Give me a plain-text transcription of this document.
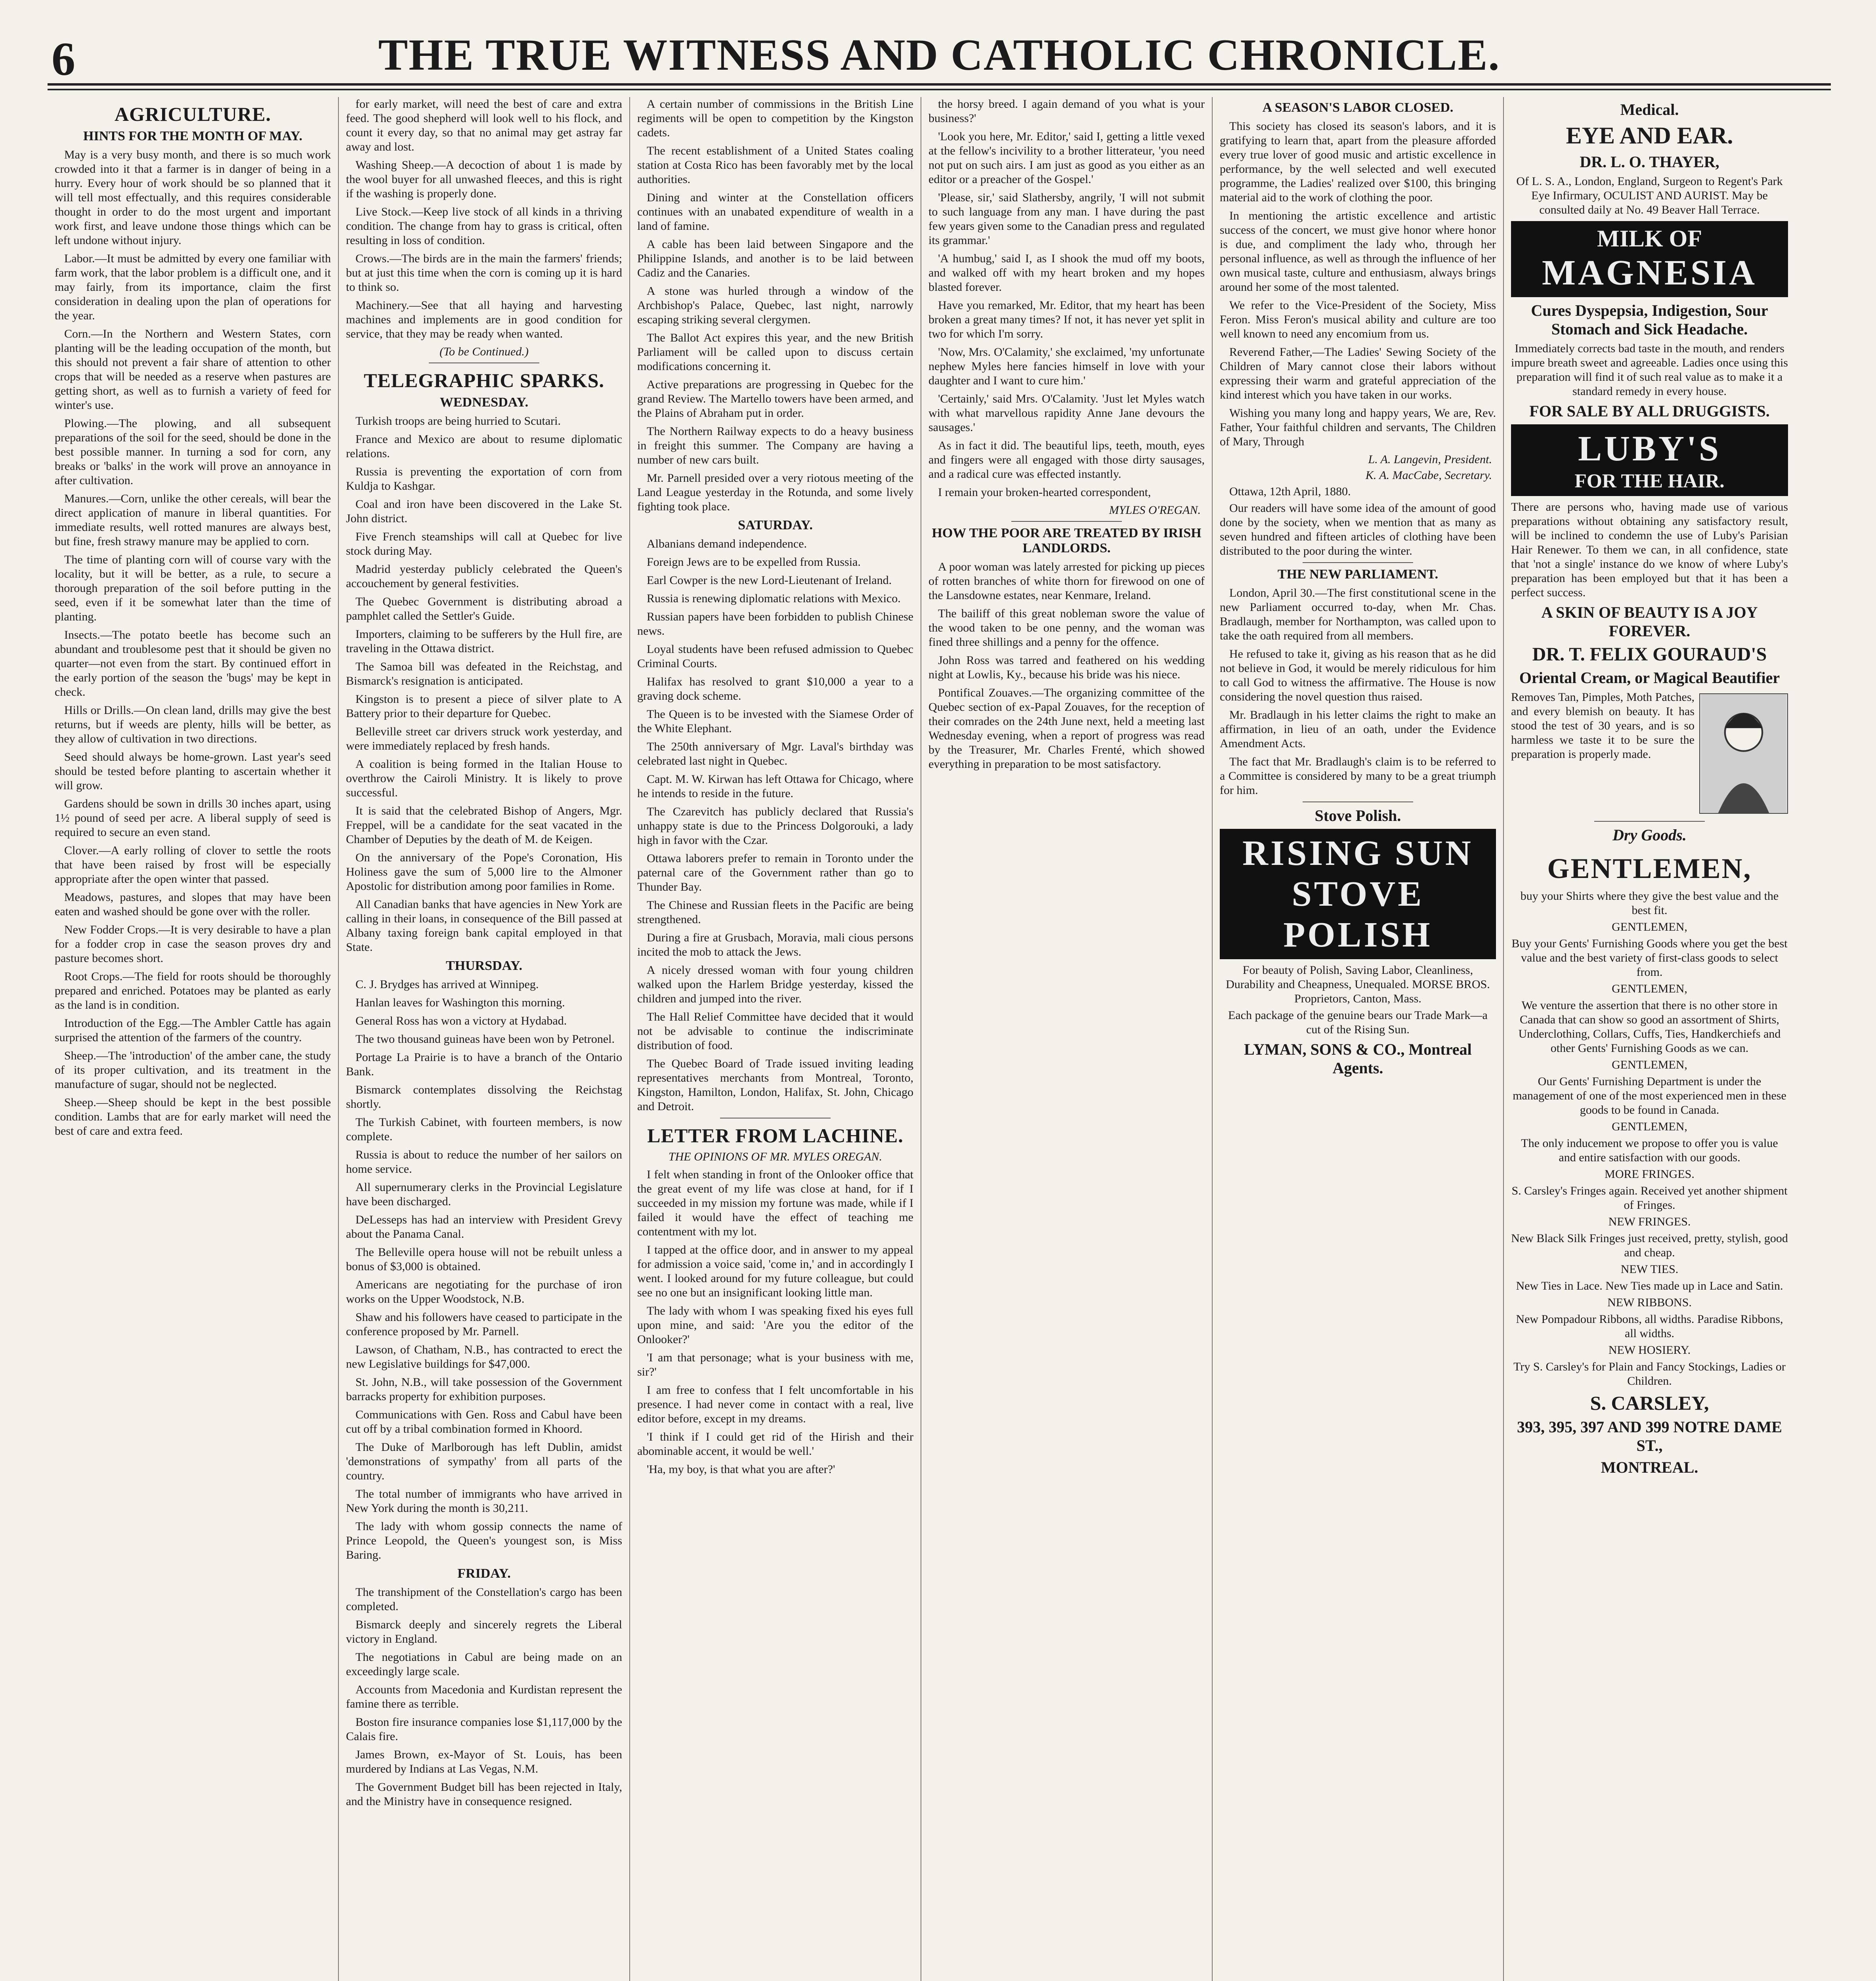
6	THE TRUE WITNESS AND CATHOLIC CHRONICLE.
AGRICULTURE.
HINTS FOR THE MONTH OF MAY.

May is a very busy month, and there is so much work crowded into it that a farmer is in danger of being in a hurry. Every hour of work should be so planned that it will tell most effectually, and this requires considerable thought in order to do the most urgent and important work first, and leave undone those things which can be left undone without injury.

Labor.—It must be admitted by every one familiar with farm work, that the labor problem is a difficult one, and it may fairly, from its importance, claim the first consideration in dealing upon the plan of operations for the year.

Corn.—In the Northern and Western States, corn planting will be the leading occupation of the month, but this should not prevent a fair share of attention to other crops that will be needed as a reserve when pastures are getting short, as well as to furnish a variety of feed for winter's use.

Plowing.—The plowing, and all subsequent preparations of the soil for the seed, should be done in the best possible manner. In turning a sod for corn, any breaks or 'balks' in the work will prove an annoyance in after cultivation.

Manures.—Corn, unlike the other cereals, will bear the direct application of manure in liberal quantities. For immediate results, well rotted manures are always best, but fine, fresh strawy manure may be applied to corn.

The time of planting corn will of course vary with the locality, but it will be better, as a rule, to secure a thorough preparation of the soil before putting in the seed, even if it be somewhat later than the time of planting.

Insects.—The potato beetle has become such an abundant and troublesome pest that it should be given no quarter—not even from the start. By continued effort in the early portion of the season the 'bugs' may be kept in check.

Hills or Drills.—On clean land, drills may give the best returns, but if weeds are plenty, hills will be better, as they allow of cultivation in two directions.

Seed should always be home-grown. Last year's seed should be tested before planting to ascertain whether it will grow.

Gardens should be sown in drills 30 inches apart, using 1½ pound of seed per acre. A liberal supply of seed is required to secure an even stand.

Clover.—A early rolling of clover to settle the roots that have been raised by frost will be especially appropriate after the open winter that passed.

Meadows, pastures, and slopes that may have been eaten and washed should be gone over with the roller.

New Fodder Crops.—It is very desirable to have a plan for a fodder crop in case the season proves dry and pasture becomes short.

Root Crops.—The field for roots should be thoroughly prepared and enriched. Potatoes may be planted as early as the land is in condition.

Introduction of the Egg.—The Ambler Cattle has again surprised the attention of the farmers of the country.

Sheep.—The 'introduction' of the amber cane, the study of its proper cultivation, and its treatment in the manufacture of sugar, should not be neglected.

Sheep.—Sheep should be kept in the best possible condition. Lambs that are for early market will need the best of care and extra feed.

for early market, will need the best of care and extra feed. The good shepherd will look well to his flock, and count it every day, so that no animal may get astray far away and lost.

Washing Sheep.—A decoction of about 1 is made by the wool buyer for all unwashed fleeces, and this is right if the washing is properly done.

Live Stock.—Keep live stock of all kinds in a thriving condition. The change from hay to grass is critical, often resulting in loss of condition.

Crows.—The birds are in the main the farmers' friends; but at just this time when the corn is coming up it is hard to think so.

Machinery.—See that all haying and harvesting machines and implements are in good condition for service, that they may be ready when wanted.

(To be Continued.)
TELEGRAPHIC SPARKS.
WEDNESDAY.

Turkish troops are being hurried to Scutari.

France and Mexico are about to resume diplomatic relations.

Russia is preventing the exportation of corn from Kuldja to Kashgar.

Coal and iron have been discovered in the Lake St. John district.

Five French steamships will call at Quebec for live stock during May.

Madrid yesterday publicly celebrated the Queen's accouchement by general festivities.

The Quebec Government is distributing abroad a pamphlet called the Settler's Guide.

Importers, claiming to be sufferers by the Hull fire, are traveling in the Ottawa district.

The Samoa bill was defeated in the Reichstag, and Bismarck's resignation is anticipated.

Kingston is to present a piece of silver plate to A Battery prior to their departure for Quebec.

Belleville street car drivers struck work yesterday, and were immediately replaced by fresh hands.

A coalition is being formed in the Italian House to overthrow the Cairoli Ministry. It is likely to prove successful.

It is said that the celebrated Bishop of Angers, Mgr. Freppel, will be a candidate for the seat vacated in the Chamber of Deputies by the death of M. de Keigen.

On the anniversary of the Pope's Coronation, His Holiness gave the sum of 5,000 lire to the Almoner Apostolic for distribution among poor families in Rome.

All Canadian banks that have agencies in New York are calling in their loans, in consequence of the Bill passed at Albany taxing foreign bank capital employed in that State.

THURSDAY.

C. J. Brydges has arrived at Winnipeg.

Hanlan leaves for Washington this morning.

General Ross has won a victory at Hydabad.

The two thousand guineas have been won by Petronel.

Portage La Prairie is to have a branch of the Ontario Bank.

Bismarck contemplates dissolving the Reichstag shortly.

The Turkish Cabinet, with fourteen members, is now complete.

Russia is about to reduce the number of her sailors on home service.

All supernumerary clerks in the Provincial Legislature have been discharged.

DeLesseps has had an interview with President Grevy about the Panama Canal.

The Belleville opera house will not be rebuilt unless a bonus of $3,000 is obtained.

Americans are negotiating for the purchase of iron works on the Upper Woodstock, N.B.

Shaw and his followers have ceased to participate in the conference proposed by Mr. Parnell.

Lawson, of Chatham, N.B., has contracted to erect the new Legislative buildings for $47,000.

St. John, N.B., will take possession of the Government barracks property for exhibition purposes.

Communications with Gen. Ross and Cabul have been cut off by a tribal combination formed in Khoord.

The Duke of Marlborough has left Dublin, amidst 'demonstrations of sympathy' from all parts of the country.

The total number of immigrants who have arrived in New York during the month is 30,211.

The lady with whom gossip connects the name of Prince Leopold, the Queen's youngest son, is Miss Baring.

FRIDAY.

The transhipment of the Constellation's cargo has been completed.

Bismarck deeply and sincerely regrets the Liberal victory in England.

The negotiations in Cabul are being made on an exceedingly large scale.

Accounts from Macedonia and Kurdistan represent the famine there as terrible.

Boston fire insurance companies lose $1,117,000 by the Calais fire.

James Brown, ex-Mayor of St. Louis, has been murdered by Indians at Las Vegas, N.M.

The Government Budget bill has been rejected in Italy, and the Ministry have in consequence resigned.

A certain number of commissions in the British Line regiments will be open to competition by the Kingston cadets.

The recent establishment of a United States coaling station at Costa Rico has been favorably met by the local authorities.

Dining and winter at the Constellation officers continues with an unabated expenditure of wealth in a land of famine.

A cable has been laid between Singapore and the Philippine Islands, and another is to be laid between Cadiz and the Canaries.

A stone was hurled through a window of the Archbishop's Palace, Quebec, last night, narrowly escaping striking several clergymen.

The Ballot Act expires this year, and the new British Parliament will be called upon to discuss certain modifications concerning it.

Active preparations are progressing in Quebec for the grand Review. The Martello towers have been armed, and the Plains of Abraham put in order.

The Northern Railway expects to do a heavy business in freight this summer. The Company are having a number of new cars built.

Mr. Parnell presided over a very riotous meeting of the Land League yesterday in the Rotunda, and some lively fighting took place.

SATURDAY.

Albanians demand independence.

Foreign Jews are to be expelled from Russia.

Earl Cowper is the new Lord-Lieutenant of Ireland.

Russia is renewing diplomatic relations with Mexico.

Russian papers have been forbidden to publish Chinese news.

Loyal students have been refused admission to Quebec Criminal Courts.

Halifax has resolved to grant $10,000 a year to a graving dock scheme.

The Queen is to be invested with the Siamese Order of the White Elephant.

The 250th anniversary of Mgr. Laval's birthday was celebrated last night in Quebec.

Capt. M. W. Kirwan has left Ottawa for Chicago, where he intends to reside in the future.

The Czarevitch has publicly declared that Russia's unhappy state is due to the Princess Dolgorouki, a lady high in favor with the Czar.

Ottawa laborers prefer to remain in Toronto under the paternal care of the Government rather than go to Thunder Bay.

The Chinese and Russian fleets in the Pacific are being strengthened.

During a fire at Grusbach, Moravia, mali cious persons incited the mob to attack the Jews.

A nicely dressed woman with four young children walked upon the Harlem Bridge yesterday, kissed the children and jumped into the river.

The Hall Relief Committee have decided that it would not be advisable to continue the indiscriminate distribution of food.

The Quebec Board of Trade issued inviting leading representatives merchants from Montreal, Toronto, Kingston, Hamilton, London, Halifax, St. John, Chicago and Detroit.

LETTER FROM LACHINE.
THE OPINIONS OF MR. MYLES OREGAN.

I felt when standing in front of the Onlooker office that the great event of my life was close at hand, for if I succeeded in my mission my fortune was made, while if I failed it would have the effect of teaching me contentment with my lot.

I tapped at the office door, and in answer to my appeal for admission a voice said, 'come in,' and in accordingly I went. I looked around for my future colleague, but could see no one but an insignificant looking little man.

The lady with whom I was speaking fixed his eyes full upon mine, and said: 'Are you the editor of the Onlooker?'

'I am that personage; what is your business with me, sir?'

I am free to confess that I felt uncomfortable in his presence. I had never come in contact with a real, live editor before, except in my dreams.

'I think if I could get rid of the Hirish and their abominable accent, it would be well.'

'Ha, my boy, is that what you are after?'

the horsy breed. I again demand of you what is your business?'

'Look you here, Mr. Editor,' said I, getting a little vexed at the fellow's incivility to a brother litterateur, 'you need not put on such airs. I am just as good as you either as an editor or a preacher of the Gospel.'

'Please, sir,' said Slathersby, angrily, 'I will not submit to such language from any man. I have during the past few years given some to the Canadian press and regulated its grammar.'

'A humbug,' said I, as I shook the mud off my boots, and walked off with my heart broken and my hopes blasted forever.

Have you remarked, Mr. Editor, that my heart has been broken a great many times? If not, it has never yet split in two for which I'm sorry.

'Now, Mrs. O'Calamity,' she exclaimed, 'my unfortunate nephew Myles here fancies himself in love with your daughter and I want to cure him.'

'Certainly,' said Mrs. O'Calamity. 'Just let Myles watch with what marvellous rapidity Anne Jane devours the sausages.'

As in fact it did. The beautiful lips, teeth, mouth, eyes and fingers were all engaged with those dirty sausages, and a radical cure was effected instantly.

I remain your broken-hearted correspondent,

MYLES O'REGAN.
HOW THE POOR ARE TREATED BY IRISH LANDLORDS.

A poor woman was lately arrested for picking up pieces of rotten branches of white thorn for firewood on one of the Lansdowne estates, near Kenmare, Ireland.

The bailiff of this great nobleman swore the value of the wood taken to be one penny, and the woman was fined three shillings and a penny for the offence.

John Ross was tarred and feathered on his wedding night at Lowlis, Ky., because his bride was his niece.

Pontifical Zouaves.—The organizing committee of the Quebec section of ex-Papal Zouaves, for the reception of their comrades on the 24th June next, held a meeting last Wednesday evening, when a report of progress was read by the Treasurer, Mr. Charles Frenté, which showed everything in preparation to be most satisfactory.

A SEASON'S LABOR CLOSED.

This society has closed its season's labors, and it is gratifying to learn that, apart from the pleasure afforded every true lover of good music and artistic excellence in performance, by the well selected and well executed programme, the Ladies' realized over $100, this bringing material aid to the work of clothing the poor.

In mentioning the artistic excellence and artistic success of the concert, we must give honor where honor is due, and compliment the lady who, through her personal influence, as well as through the influence of her own musical taste, culture and enthusiasm, always brings around her some of the most talented.

We refer to the Vice-President of the Society, Miss Feron. Miss Feron's musical ability and culture are too well known to need any encomium from us.

Reverend Father,—The Ladies' Sewing Society of the Children of Mary cannot close their labors without expressing their warm and grateful appreciation of the kind interest which you have taken in our works.

Wishing you many long and happy years, We are, Rev. Father, Your faithful children and servants, The Children of Mary, Through

L. A. Langevin, President.
K. A. MacCabe, Secretary.

Ottawa, 12th April, 1880.

Our readers will have some idea of the amount of good done by the society, when we mention that as many as seven hundred and fifteen articles of clothing have been distributed to the poor during the winter.

THE NEW PARLIAMENT.

London, April 30.—The first constitutional scene in the new Parliament occurred to-day, when Mr. Chas. Bradlaugh, member for Northampton, was called upon to take the oath required from all members.

He refused to take it, giving as his reason that as he did not believe in God, it would be merely ridiculous for him to call God to witness the affirmative. The House is now considering the novel question thus raised.

Mr. Bradlaugh in his letter claims the right to make an affirmation, in lieu of an oath, under the Evidence Amendment Acts.

The fact that Mr. Bradlaugh's claim is to be referred to a Committee is considered by many to be a great triumph for him.

Stove Polish.
RISING SUN
STOVE POLISH
For beauty of Polish, Saving Labor, Cleanliness, Durability and Cheapness, Unequaled. MORSE BROS. Proprietors, Canton, Mass.
Each package of the genuine bears our Trade Mark—a cut of the Rising Sun.
LYMAN, SONS & CO., Montreal Agents.
Medical.
EYE AND EAR.
DR. L. O. THAYER,
Of L. S. A., London, England, Surgeon to Regent's Park Eye Infirmary, OCULIST AND AURIST. May be consulted daily at No. 49 Beaver Hall Terrace.
MILK OF
MAGNESIA
Cures Dyspepsia, Indigestion, Sour Stomach and Sick Headache.
Immediately corrects bad taste in the mouth, and renders impure breath sweet and agreeable. Ladies once using this preparation will find it of such real value as to make it a standard remedy in every house.
FOR SALE BY ALL DRUGGISTS.
LUBY'S
FOR THE HAIR.
There are persons who, having made use of various preparations without obtaining any satisfactory result, will be inclined to condemn the use of Luby's Parisian Hair Renewer. To them we can, in all confidence, state that 'not a single' instance do we know of where Luby's preparation has been employed but that it has been a perfect success.
A SKIN OF BEAUTY IS A JOY FOREVER.
DR. T. FELIX GOURAUD'S
Oriental Cream, or Magical Beautifier
Removes Tan, Pimples, Moth Patches, and every blemish on beauty. It has stood the test of 30 years, and is so harmless we taste it to be sure the preparation is properly made.
Dry Goods.
GENTLEMEN,
buy your Shirts where they give the best value and the best fit.
GENTLEMEN,
Buy your Gents' Furnishing Goods where you get the best value and the best variety of first-class goods to select from.
GENTLEMEN,
We venture the assertion that there is no other store in Canada that can show so good an assortment of Shirts, Underclothing, Collars, Cuffs, Ties, Handkerchiefs and other Gents' Furnishing Goods as we can.
GENTLEMEN,
Our Gents' Furnishing Department is under the management of one of the most experienced men in these goods to be found in Canada.
GENTLEMEN,
The only inducement we propose to offer you is value and entire satisfaction with our goods.
MORE FRINGES.
S. Carsley's Fringes again. Received yet another shipment of Fringes.
NEW FRINGES.
New Black Silk Fringes just received, pretty, stylish, good and cheap.
NEW TIES.
New Ties in Lace. New Ties made up in Lace and Satin.
NEW RIBBONS.
New Pompadour Ribbons, all widths. Paradise Ribbons, all widths.
NEW HOSIERY.
Try S. Carsley's for Plain and Fancy Stockings, Ladies or Children.
S. CARSLEY,
393, 395, 397 AND 399 NOTRE DAME ST.,
MONTREAL.
